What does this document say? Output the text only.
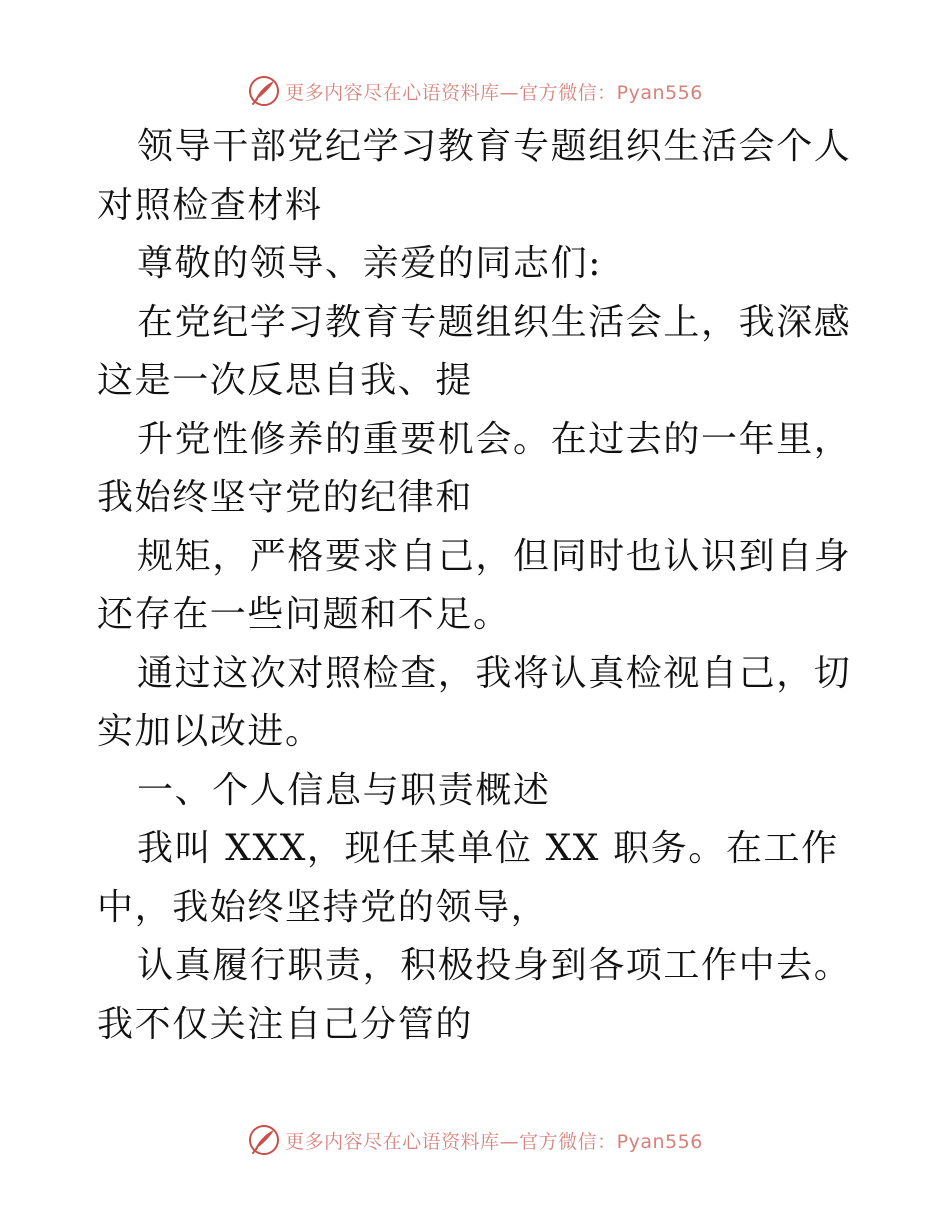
更多内容尽在心语资料库—官方微信：Pyan556

领导干部党纪学习教育专题组织生活会个人对照检查材料

尊敬的领导、亲爱的同志们:

在党纪学习教育专题组织生活会上，我深感这是一次反思自我、提

升党性修养的重要机会。在过去的一年里，我始终坚守党的纪律和

规矩，严格要求自己，但同时也认识到自身还存在一些问题和不足。

通过这次对照检查，我将认真检视自己，切实加以改进。

一、个人信息与职责概述

我叫 XXX，现任某单位 XX 职务。在工作中，我始终坚持党的领导，

认真履行职责，积极投身到各项工作中去。我不仅关注自己分管的

更多内容尽在心语资料库—官方微信：Pyan556
